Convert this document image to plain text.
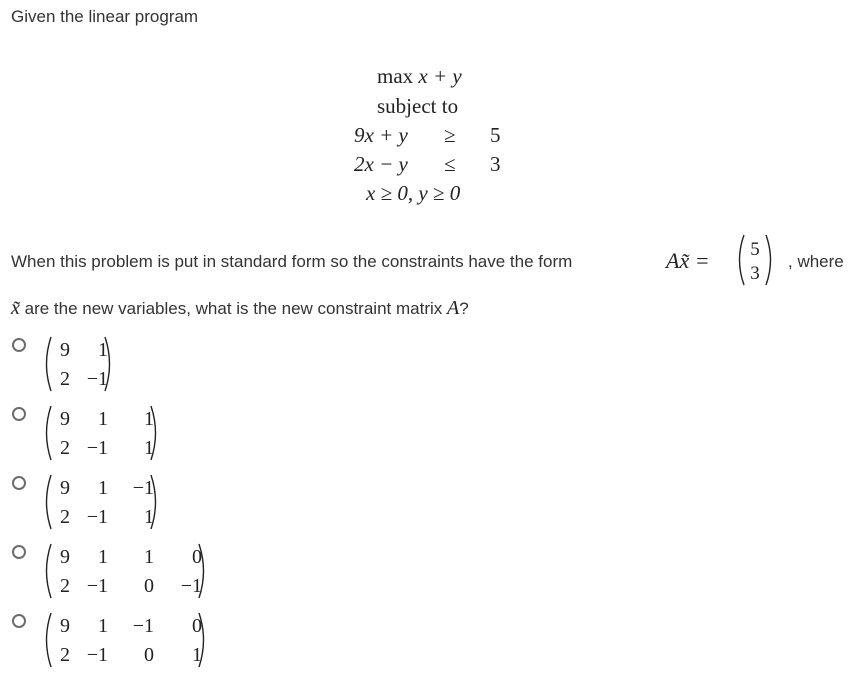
Given the linear program
max x + y
subject to
9x + y ≥ 5
2x − y ≤ 3
x ≥ 0, y ≥ 0
When this problem is put in standard form so the constraints have the form	Ax̃ = 5
3
, where
x̃ are the new variables, what is the new constraint matrix A?
9 1
2 −1
9 1 1
2 −1 1
9 1 −1
2 −1 1
9 1 1 0
2 −1 0 −1
9 1 −1 0
2 −1 0 1
